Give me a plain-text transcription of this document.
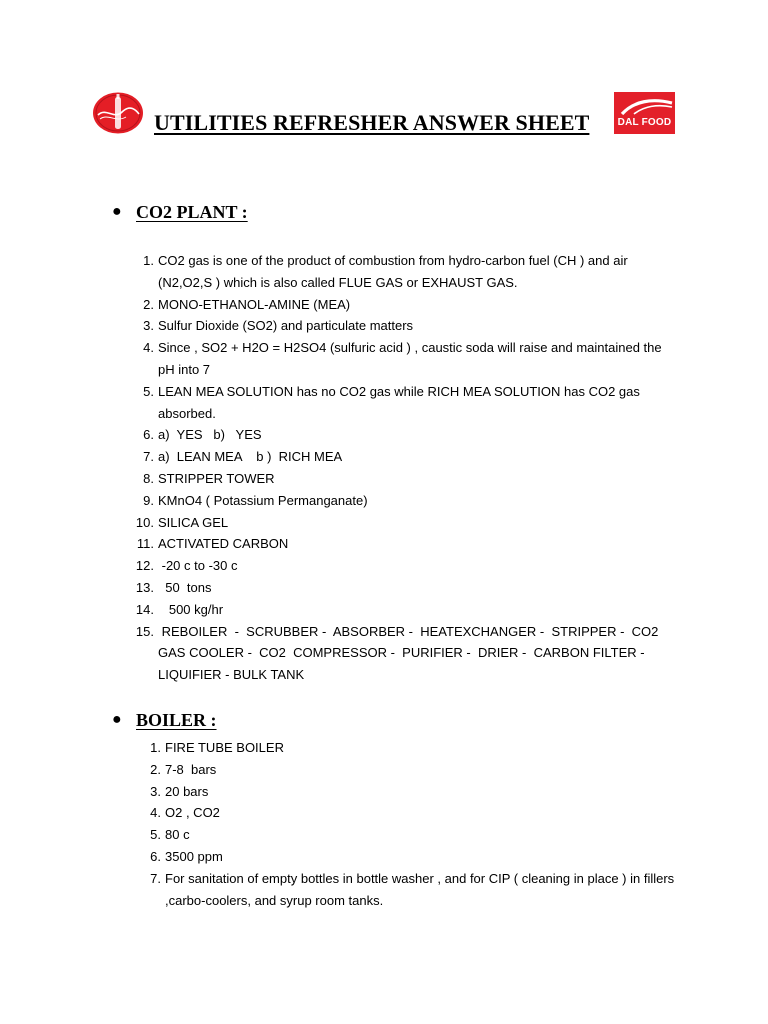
UTILITIES REFRESHER ANSWER SHEET	DAL FOOD
● CO2 PLANT :
1. CO2 gas is one of the product of combustion from hydro-carbon fuel (CH ) and air (N2,O2,S ) which is also called FLUE GAS or EXHAUST GAS.
2. MONO-ETHANOL-AMINE (MEA)
3. Sulfur Dioxide (SO2) and particulate matters
4. Since , SO2 + H2O = H2SO4 (sulfuric acid ) , caustic soda will raise and maintained the pH into 7
5. LEAN MEA SOLUTION has no CO2 gas while RICH MEA SOLUTION has CO2 gas absorbed.
6. a)  YES   b)   YES
7. a)  LEAN MEA    b )  RICH MEA
8. STRIPPER TOWER
9. KMnO4 ( Potassium Permanganate)
10. SILICA GEL
11. ACTIVATED CARBON
12. -20 c to -30 c
13. 50  tons
14. 500 kg/hr
15. REBOILER  -  SCRUBBER -  ABSORBER -  HEATEXCHANGER -  STRIPPER -  CO2 GAS COOLER -  CO2  COMPRESSOR -  PURIFIER -  DRIER -  CARBON FILTER -  LIQUIFIER - BULK TANK
● BOILER :
1. FIRE TUBE BOILER
2. 7-8  bars
3. 20 bars
4. O2 , CO2
5. 80 c
6. 3500 ppm
7. For sanitation of empty bottles in bottle washer , and for CIP ( cleaning in place ) in fillers ,carbo-coolers, and syrup room tanks.
